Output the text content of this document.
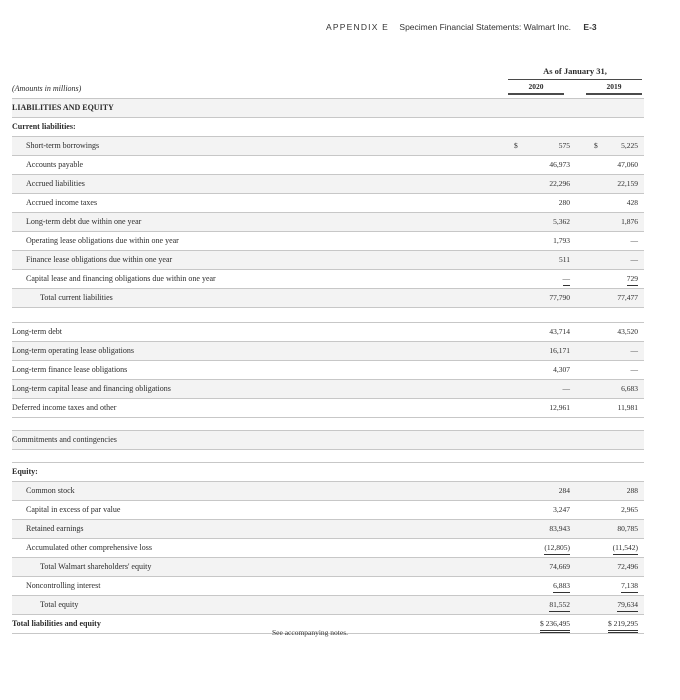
APPENDIX E Specimen Financial Statements: Walmart Inc. E-3
As of January 31,
2020	2019
(Amounts in millions)
LIABILITIES AND EQUITY
Current liabilities:
Short-term borrowings	$	575	$	5,225
Accounts payable	46,973	47,060
Accrued liabilities	22,296	22,159
Accrued income taxes	280	428
Long-term debt due within one year	5,362	1,876
Operating lease obligations due within one year	1,793	—
Finance lease obligations due within one year	511	—
Capital lease and financing obligations due within one year	—	729
Total current liabilities	77,790	77,477
Long-term debt	43,714	43,520
Long-term operating lease obligations	16,171	—
Long-term finance lease obligations	4,307	—
Long-term capital lease and financing obligations	—	6,683
Deferred income taxes and other	12,961	11,981
Commitments and contingencies
Equity:
Common stock	284	288
Capital in excess of par value	3,247	2,965
Retained earnings	83,943	80,785
Accumulated other comprehensive loss	(12,805)	(11,542)
Total Walmart shareholders' equity	74,669	72,496
Noncontrolling interest	6,883	7,138
Total equity	81,552	79,634
Total liabilities and equity	$ 236,495	$ 219,295
See accompanying notes.
